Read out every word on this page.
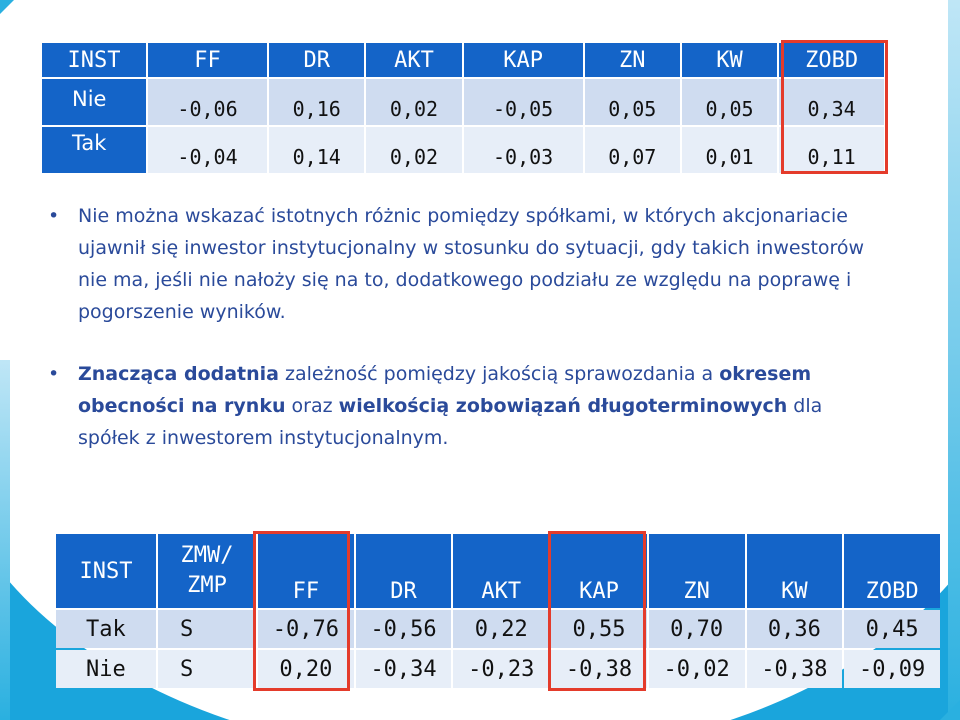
INST	FF	DR	AKT	KAP	ZN	KW	ZOBD
Nie	-0,06	0,16	0,02	-0,05	0,05	0,05	0,34
Tak	-0,04	0,14	0,02	-0,03	0,07	0,01	0,11
• Nie można wskazać istotnych różnic pomiędzy spółkami, w których akcjonariacie ujawnił się inwestor instytucjonalny w stosunku do sytuacji, gdy takich inwestorów nie ma, jeśli nie nałoży się na to, dodatkowego podziału ze względu na poprawę i pogorszenie wyników.
• Znacząca dodatnia zależność pomiędzy jakością sprawozdania a okresem obecności na rynku oraz wielkością zobowiązań długoterminowych dla spółek z inwestorem instytucjonalnym.
INST	ZMW/ ZMP	FF	DR	AKT	KAP	ZN	KW	ZOBD
Tak	S	-0,76	-0,56	0,22	0,55	0,70	0,36	0,45
Nie	S	0,20	-0,34	-0,23	-0,38	-0,02	-0,38	-0,09
